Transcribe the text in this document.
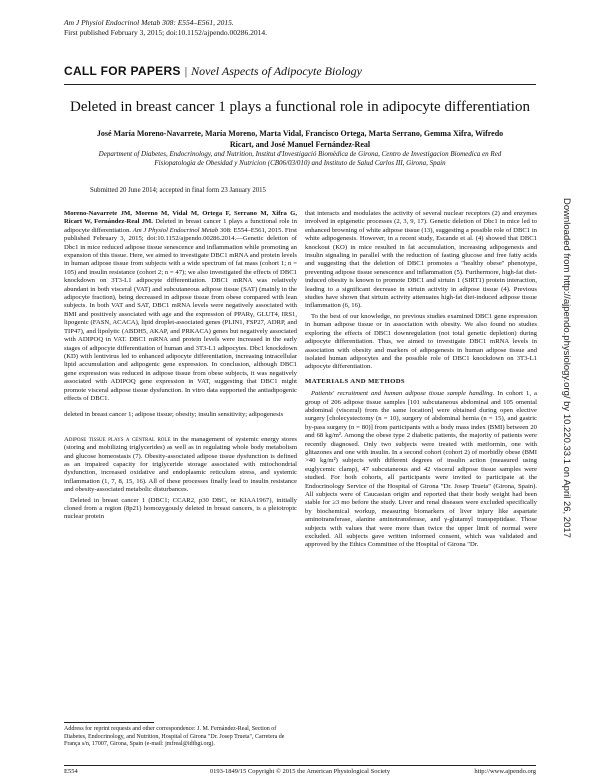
Am J Physiol Endocrinol Metab 308: E554–E561, 2015.
First published February 3, 2015; doi:10.1152/ajpendo.00286.2014.
CALL FOR PAPERS | Novel Aspects of Adipocyte Biology
Deleted in breast cancer 1 plays a functional role in adipocyte differentiation
José María Moreno-Navarrete, María Moreno, Marta Vidal, Francisco Ortega, Marta Serrano, Gemma Xifra, Wifredo Ricart, and José Manuel Fernández-Real
Department of Diabetes, Endocrinology, and Nutrition, Institut d'Investigació Biomèdica de Girona, Centro de Investigacion Biomedica en Red Fisiopatologia de Obesidad y Nutricion (CB06/03/010) and Instituto de Salud Carlos III, Girona, Spain
Submitted 20 June 2014; accepted in final form 23 January 2015

Moreno-Navarrete JM, Moreno M, Vidal M, Ortega F, Serrano M, Xifra G, Ricart W, Fernández-Real JM. Deleted in breast cancer 1 plays a functional role in adipocyte differentiation. Am J Physiol Endocrinol Metab 308: E554–E561, 2015. First published February 3, 2015; doi:10.1152/ajpendo.00286.2014.—Genetic deletion of Dbc1 in mice reduced adipose tissue senescence and inflammation while promoting an expansion of this tissue. Here, we aimed to investigate DBC1 mRNA and protein levels in human adipose tissue from subjects with a wide spectrum of fat mass (cohort 1; n = 105) and insulin resistance (cohort 2; n = 47); we also investigated the effects of DBC1 knockdown on 3T3-L1 adipocyte differentiation. DBC1 mRNA was relatively abundant in both visceral (VAT) and subcutaneous adipose tissue (SAT) (mainly in the adipocyte fraction), being decreased in adipose tissue from obese compared with lean subjects. In both VAT and SAT, DBC1 mRNA levels were negatively associated with BMI and positively associated with age and the expression of PPARγ, GLUT4, IRS1, lipogenic (FASN, ACACA), lipid droplet-associated genes (PLIN1, FSP27, ADRP, and TIP47), and lipolytic (ABDH5, AKAP, and PRKACA) genes but negatively associated with ADIPOQ in VAT. DBC1 mRNA and protein levels were increased in the early stages of adipocyte differentiation of human and 3T3-L1 adipocytes. Dbc1 knockdown (KD) with lentivirus led to enhanced adipocyte differentiation, increasing intracellular lipid accumulation and adipogenic gene expression. In conclusion, although DBC1 gene expression was reduced in adipose tissue from obese subjects, it was negatively associated with ADIPOQ gene expression in VAT, suggesting that DBC1 might promote visceral adipose tissue dysfunction. In vitro data supported the antiadipogenic effects of DBC1.

deleted in breast cancer 1; adipose tissue; obesity; insulin sensitivity; adipogenesis

Adipose tissue plays a central role in the management of systemic energy stores (storing and mobilizing triglycerides) as well as in regulating whole body metabolism and glucose homeostasis (7). Obesity-associated adipose tissue dysfunction is defined as an impaired capacity for triglyceride storage associated with mitochondrial dysfunction, increased oxidative and endoplasmic reticulum stress, and systemic inflammation (1, 7, 8, 15, 16). All of these processes finally lead to insulin resistance and obesity-associated metabolic disturbances.

Deleted in breast cancer 1 (DBC1; CCAR2, p30 DBC, or KIAA1967), initially cloned from a region (8p21) homozygously deleted in breast cancers, is a pleiotropic nuclear protein

Address for reprint requests and other correspondence: J. M. Fernández-Real, Section of Diabetes, Endocrinology, and Nutrition, Hospital of Girona "Dr. Josep Trueta", Carretera de França s/n, 17007, Girona, Spain (e-mail: jmfreal@idibgi.org).

that interacts and modulates the activity of several nuclear receptors (2) and enzymes involved in epigenetic processes (2, 3, 9, 17). Genetic deletion of Dbc1 in mice led to enhanced browning of white adipose tissue (13), suggesting a possible role of DBC1 in white adipogenesis. However, in a recent study, Escande et al. (4) showed that DBC1 knockout (KO) in mice resulted in fat accumulation, increasing adipogenesis and insulin signaling in parallel with the reduction of fasting glucose and free fatty acids and suggesting that the deletion of DBC1 promotes a "healthy obese" phenotype, preventing adipose tissue senescence and inflammation (5). Furthermore, high-fat diet-induced obesity is known to promote DBC1 and sirtuin 1 (SIRT1) protein interaction, leading to a significant decrease in sirtuin activity in adipose tissue (4). Previous studies have shown that sirtuin activity attenuates high-fat diet-induced adipose tissue inflammation (6, 16).

To the best of our knowledge, no previous studies examined DBC1 gene expression in human adipose tissue or in association with obesity. We also found no studies exploring the effects of DBC1 downregulation (not total genetic depletion) during adipocyte differentiation. Thus, we aimed to investigate DBC1 mRNA levels in association with obesity and markers of adipogenesis in human adipose tissue and isolated human adipocytes and the possible role of DBC1 knockdown on 3T3-L1 adipocyte differentiation.

MATERIALS AND METHODS

Patients' recruitment and human adipose tissue sample handling. In cohort 1, a group of 206 adipose tissue samples [101 subcutaneous abdominal and 105 omental abdominal (visceral) from the same location] were obtained during open elective surgery [cholecystectomy (n = 10), surgery of abdominal hernia (n = 15), and gastric by-pass surgery (n = 80)] from participants with a body mass index (BMI) between 20 and 68 kg/m². Among the obese type 2 diabetic patients, the majority of patients were recently diagnosed. Only two subjects were treated with metformin, one with glitazones and one with insulin. In a second cohort (cohort 2) of morbidly obese (BMI >40 kg/m²) subjects with different degrees of insulin action (measured using euglycemic clamp), 47 subcutaneous and 42 visceral adipose tissue samples were studied. For both cohorts, all participants were invited to participate at the Endocrinology Service of the Hospital of Girona "Dr. Josep Trueta" (Girona, Spain). All subjects were of Caucasian origin and reported that their body weight had been stable for ≥3 mo before the study. Liver and renal diseases were excluded specifically by biochemical workup, measuring biomarkers of liver injury like aspartate aminotransferase, alanine aminotransferase, and γ-glutamyl transpeptidase. Those subjects with values that were more than twice the upper limit of normal were excluded. All subjects gave written informed consent, which was validated and approved by the Ethics Committee of the Hospital of Girona "Dr.

E554	0193-1849/15 Copyright © 2015 the American Physiological Society	http://www.ajpendo.org
Downloaded from http://ajpendo.physiology.org/ by 10.220.33.1 on April 26, 2017
